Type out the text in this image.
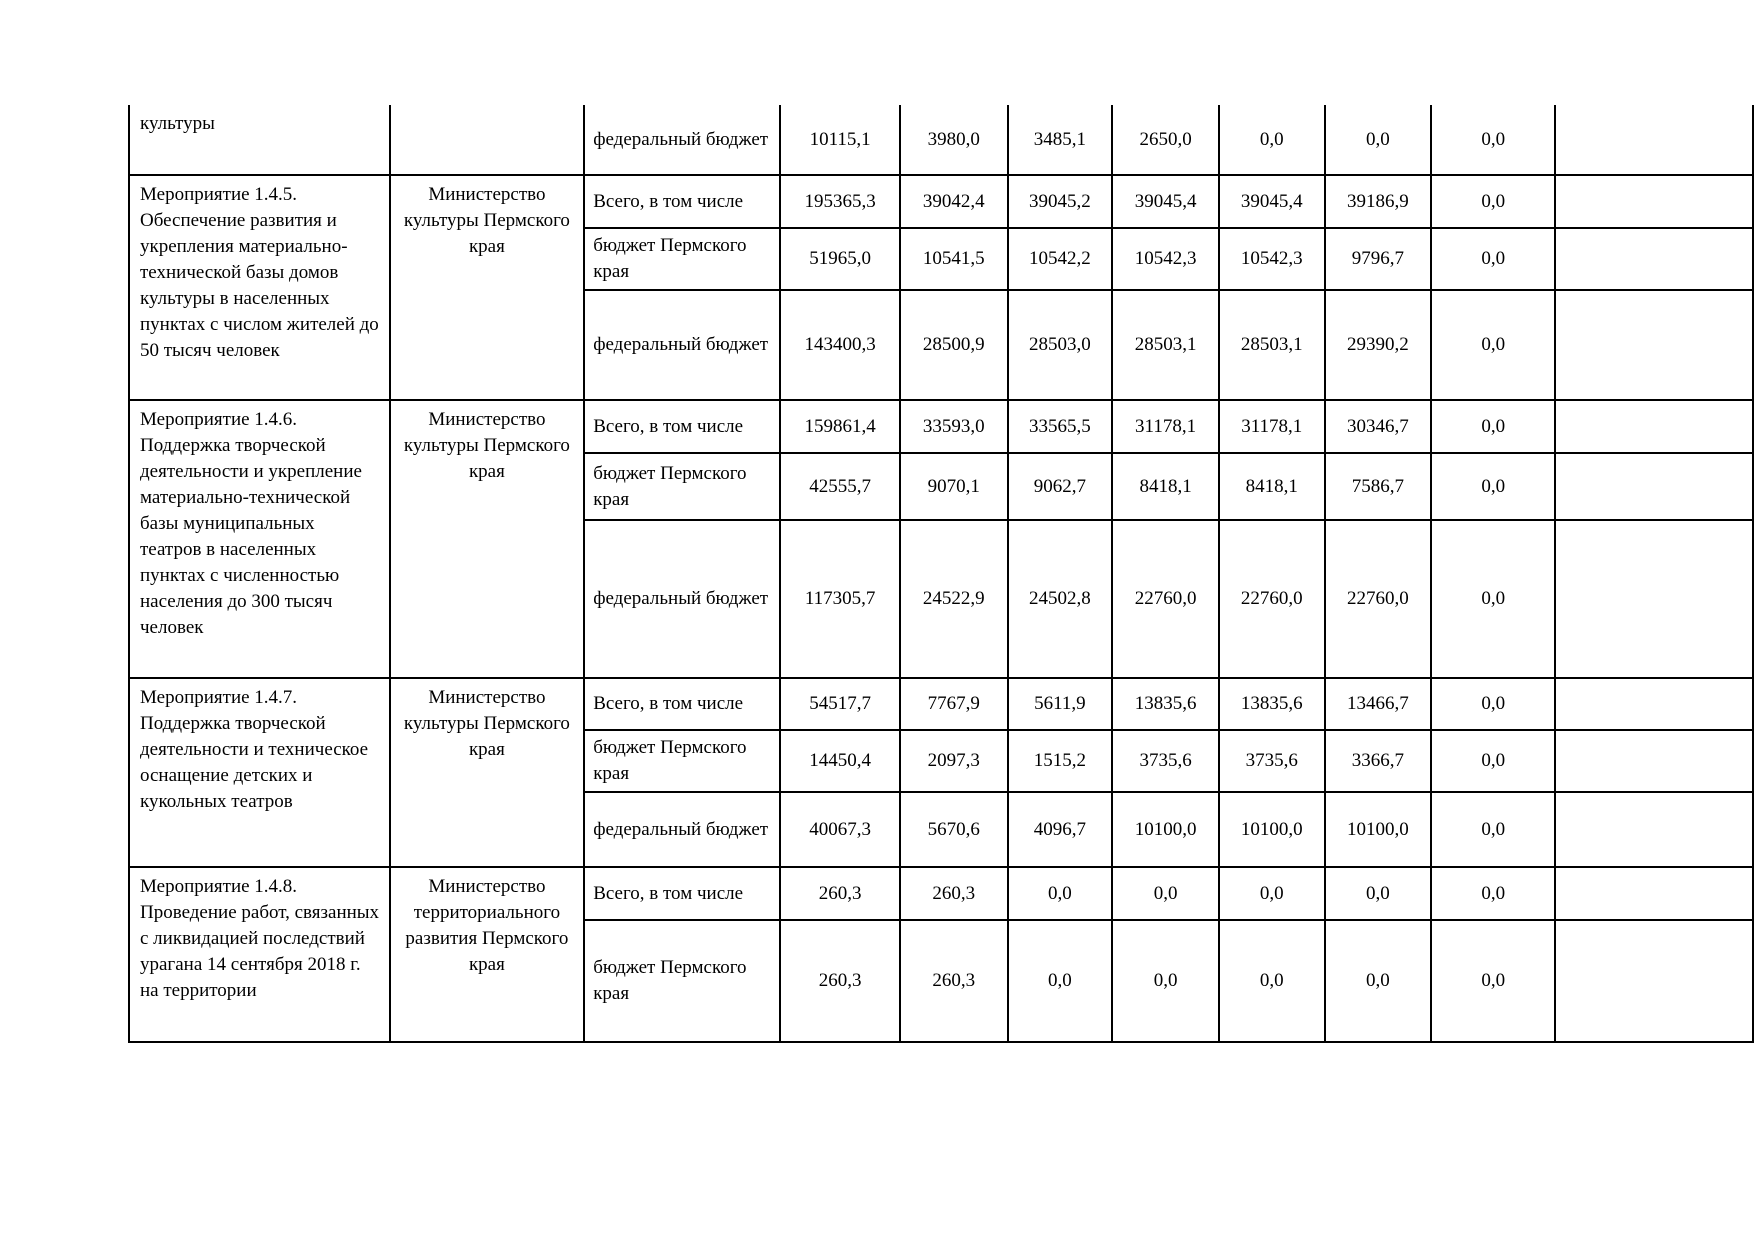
культуры		федеральный бюджет	10115,1	3980,0	3485,1	2650,0	0,0	0,0	0,0	
Мероприятие 1.4.5. Обеспечение развития и укрепления материально-технической базы домов культуры в населенных пунктах с числом жителей до 50 тысяч человек	Министерство культуры Пермского края	Всего, в том числе	195365,3	39042,4	39045,2	39045,4	39045,4	39186,9	0,0	
		бюджет Пермского края	51965,0	10541,5	10542,2	10542,3	10542,3	9796,7	0,0	
		федеральный бюджет	143400,3	28500,9	28503,0	28503,1	28503,1	29390,2	0,0	
Мероприятие 1.4.6. Поддержка творческой деятельности и укрепление материально-технической базы муниципальных театров в населенных пунктах с численностью населения до 300 тысяч человек	Министерство культуры Пермского края	Всего, в том числе	159861,4	33593,0	33565,5	31178,1	31178,1	30346,7	0,0	
		бюджет Пермского края	42555,7	9070,1	9062,7	8418,1	8418,1	7586,7	0,0	
		федеральный бюджет	117305,7	24522,9	24502,8	22760,0	22760,0	22760,0	0,0	
Мероприятие 1.4.7. Поддержка творческой деятельности и техническое оснащение детских и кукольных театров	Министерство культуры Пермского края	Всего, в том числе	54517,7	7767,9	5611,9	13835,6	13835,6	13466,7	0,0	
		бюджет Пермского края	14450,4	2097,3	1515,2	3735,6	3735,6	3366,7	0,0	
		федеральный бюджет	40067,3	5670,6	4096,7	10100,0	10100,0	10100,0	0,0	
Мероприятие 1.4.8. Проведение работ, связанных с ликвидацией последствий урагана 14 сентября 2018 г. на территории	Министерство территориального развития Пермского края	Всего, в том числе	260,3	260,3	0,0	0,0	0,0	0,0	0,0	
		бюджет Пермского края	260,3	260,3	0,0	0,0	0,0	0,0	0,0	
